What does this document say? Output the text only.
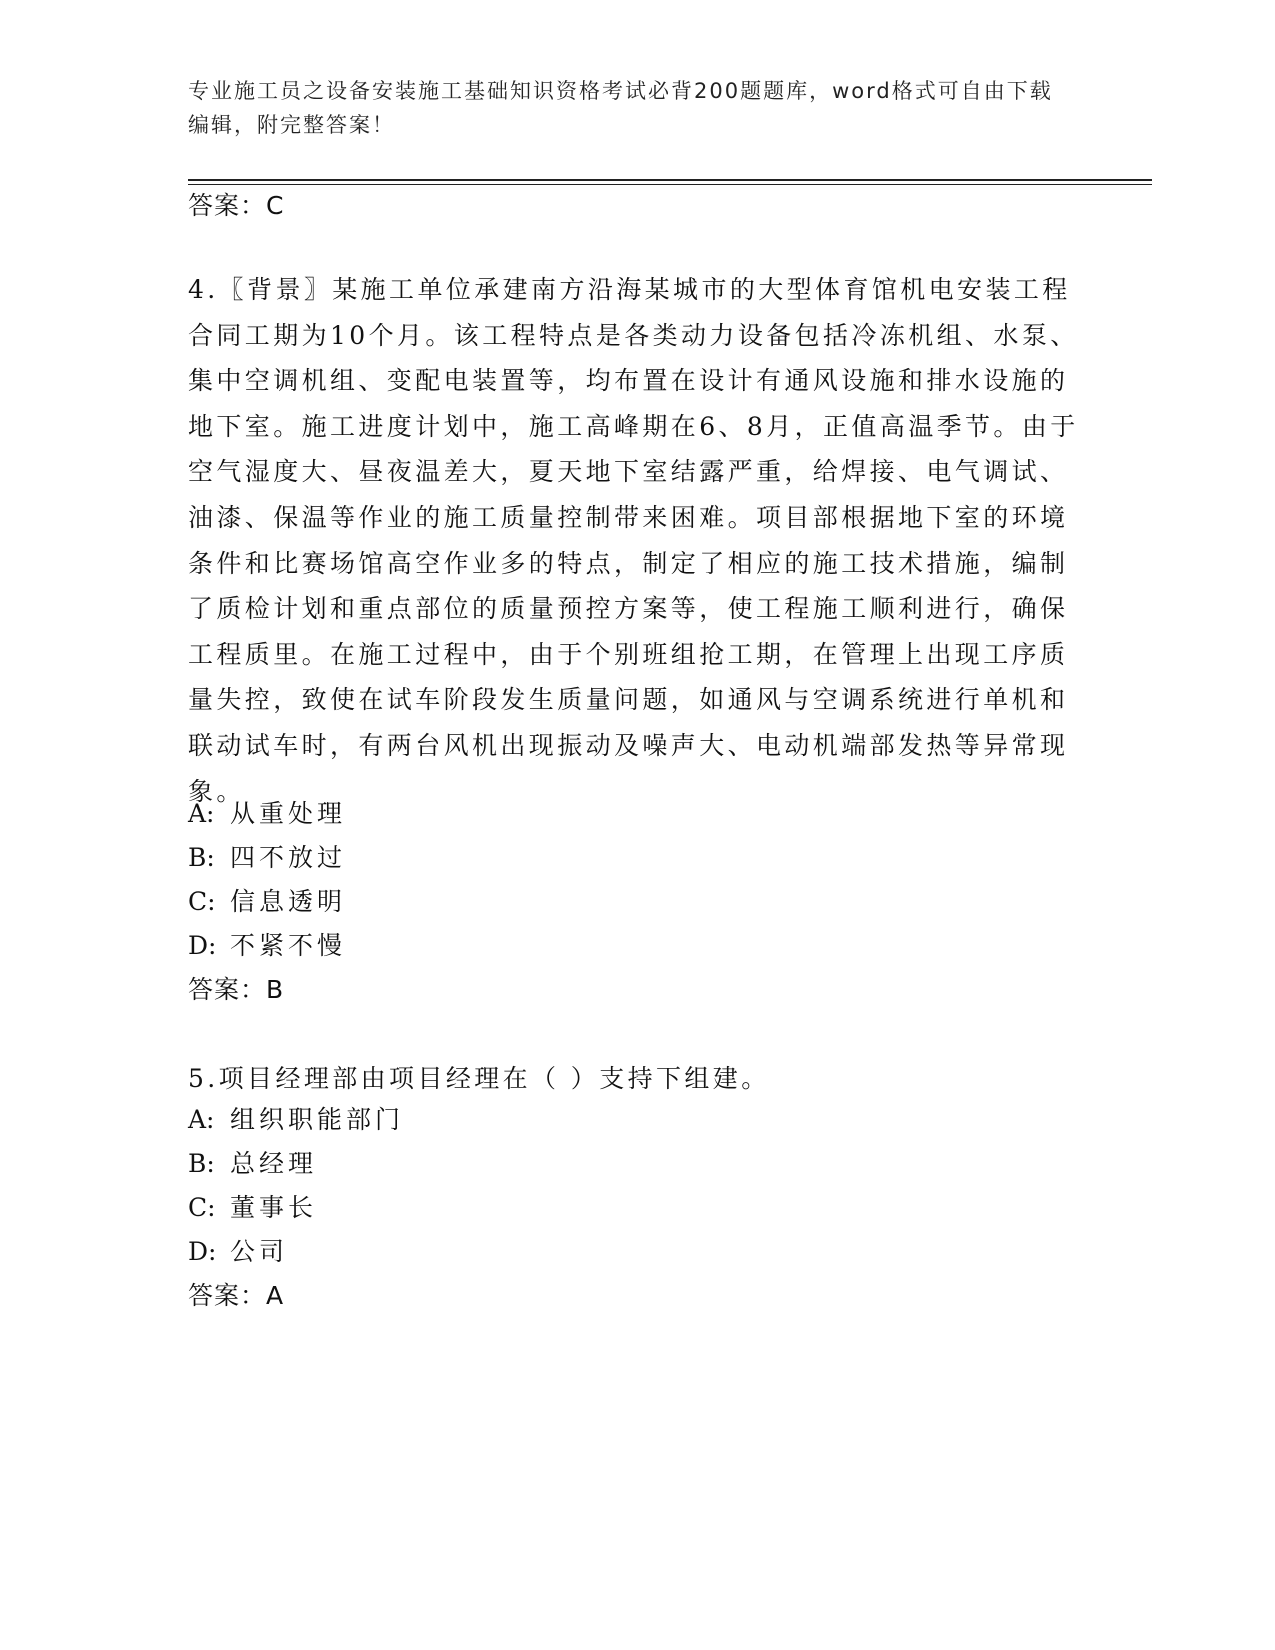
专业施工员之设备安装施工基础知识资格考试必背200题题库，word格式可自由下载编辑，附完整答案！
答案：C
4.〖背景〗某施工单位承建南方沿海某城市的大型体育馆机电安装工程合同工期为10个月。该工程特点是各类动力设备包括冷冻机组、水泵、集中空调机组、变配电装置等，均布置在设计有通风设施和排水设施的地下室。施工进度计划中，施工高峰期在6、8月，正值高温季节。由于空气湿度大、昼夜温差大，夏天地下室结露严重，给焊接、电气调试、油漆、保温等作业的施工质量控制带来困难。项目部根据地下室的环境条件和比赛场馆高空作业多的特点，制定了相应的施工技术措施，编制了质检计划和重点部位的质量预控方案等，使工程施工顺利进行，确保工程质里。在施工过程中，由于个别班组抢工期，在管理上出现工序质量失控，致使在试车阶段发生质量问题，如通风与空调系统进行单机和联动试车时，有两台风机出现振动及噪声大、电动机端部发热等异常现象。
A: 从重处理
B: 四不放过
C: 信息透明
D: 不紧不慢
答案：B
5.项目经理部由项目经理在（ ）支持下组建。
A: 组织职能部门
B: 总经理
C: 董事长
D: 公司
答案：A
